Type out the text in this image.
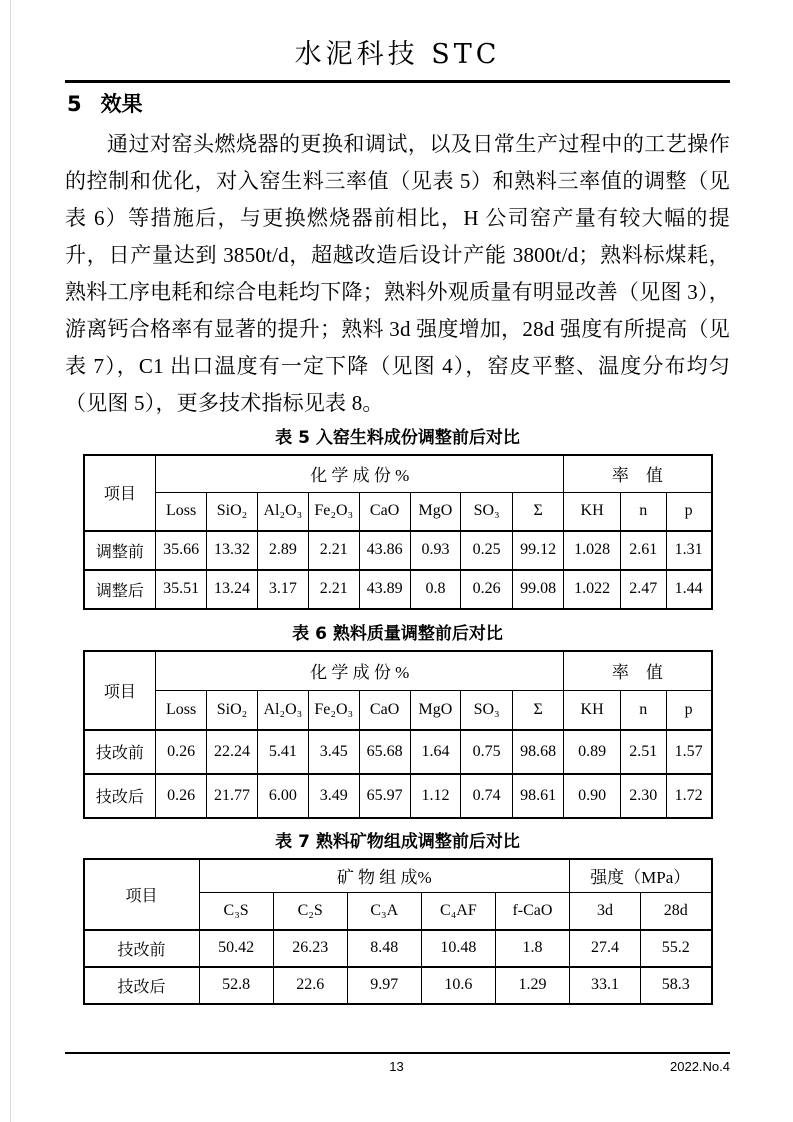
水泥科技 STC
5 效果
通过对窑头燃烧器的更换和调试，以及日常生产过程中的工艺操作的控制和优化，对入窑生料三率值（见表 5）和熟料三率值的调整（见表 6）等措施后，与更换燃烧器前相比，H 公司窑产量有较大幅的提升，日产量达到 3850t/d，超越改造后设计产能 3800t/d；熟料标煤耗，熟料工序电耗和综合电耗均下降；熟料外观质量有明显改善（见图 3），游离钙合格率有显著的提升；熟料 3d 强度增加，28d 强度有所提高（见表 7），C1 出口温度有一定下降（见图 4），窑皮平整、温度分布均匀（见图 5），更多技术指标见表 8。
表 5 入窑生料成份调整前后对比
项目	化 学 成 份 %								率　值		
	Loss	SiO₂	Al₂O₃	Fe₂O₃	CaO	MgO	SO₃	Σ	KH	n	p
调整前	35.66	13.32	2.89	2.21	43.86	0.93	0.25	99.12	1.028	2.61	1.31
调整后	35.51	13.24	3.17	2.21	43.89	0.8	0.26	99.08	1.022	2.47	1.44
表 6 熟料质量调整前后对比
项目	化 学 成 份 %								率　值		
	Loss	SiO₂	Al₂O₃	Fe₂O₃	CaO	MgO	SO₃	Σ	KH	n	p
技改前	0.26	22.24	5.41	3.45	65.68	1.64	0.75	98.68	0.89	2.51	1.57
技改后	0.26	21.77	6.00	3.49	65.97	1.12	0.74	98.61	0.90	2.30	1.72
表 7 熟料矿物组成调整前后对比
项目	矿 物 组 成%					强度（MPa）	
	C₃S	C₂S	C₃A	C₄AF	f-CaO	3d	28d
技改前	50.42	26.23	8.48	10.48	1.8	27.4	55.2
技改后	52.8	22.6	9.97	10.6	1.29	33.1	58.3
13	2022.No.4
